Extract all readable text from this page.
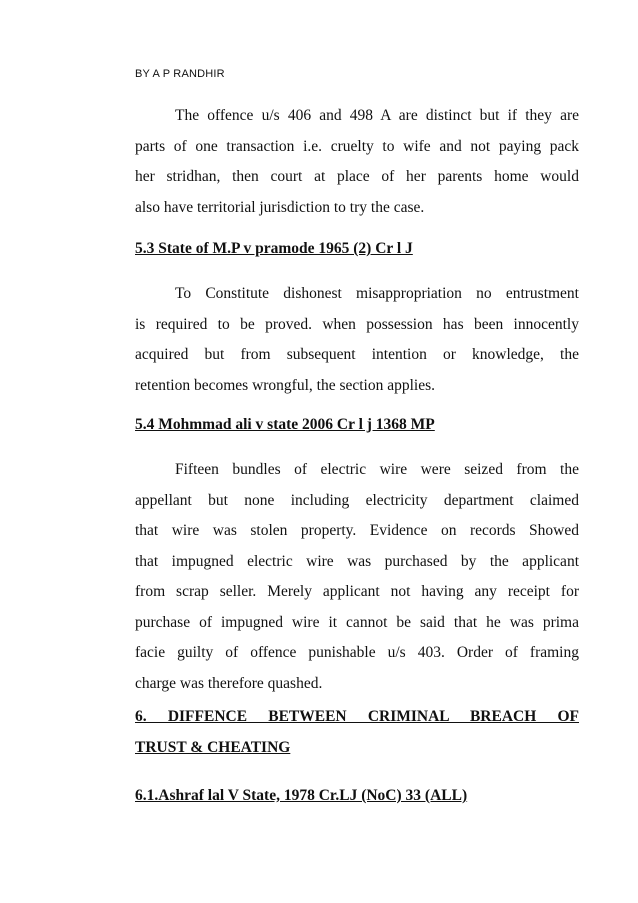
BY A P RANDHIR

The offence u/s 406 and 498 A are distinct but if they are
parts of one transaction i.e. cruelty to wife and not paying pack
her stridhan, then court at place of her parents home would
also have territorial jurisdiction to try the case.

5.3 State of M.P v pramode 1965 (2) Cr l J

To Constitute dishonest misappropriation no entrustment
is required to be proved. when possession has been innocently
acquired but from subsequent intention or knowledge, the
retention becomes wrongful, the section applies.

5.4 Mohmmad ali v state 2006 Cr l j 1368 MP

Fifteen bundles of electric wire were seized from the
appellant but none including electricity department claimed
that wire was stolen property. Evidence on records Showed
that impugned electric wire was purchased by the applicant
from scrap seller. Merely applicant not having any receipt for
purchase of impugned wire it cannot be said that he was prima
facie guilty of offence punishable u/s 403. Order of framing
charge was therefore quashed.

6. DIFFENCE BETWEEN CRIMINAL BREACH OF
TRUST & CHEATING
6.1.Ashraf lal V State, 1978 Cr.LJ (NoC) 33 (ALL)
